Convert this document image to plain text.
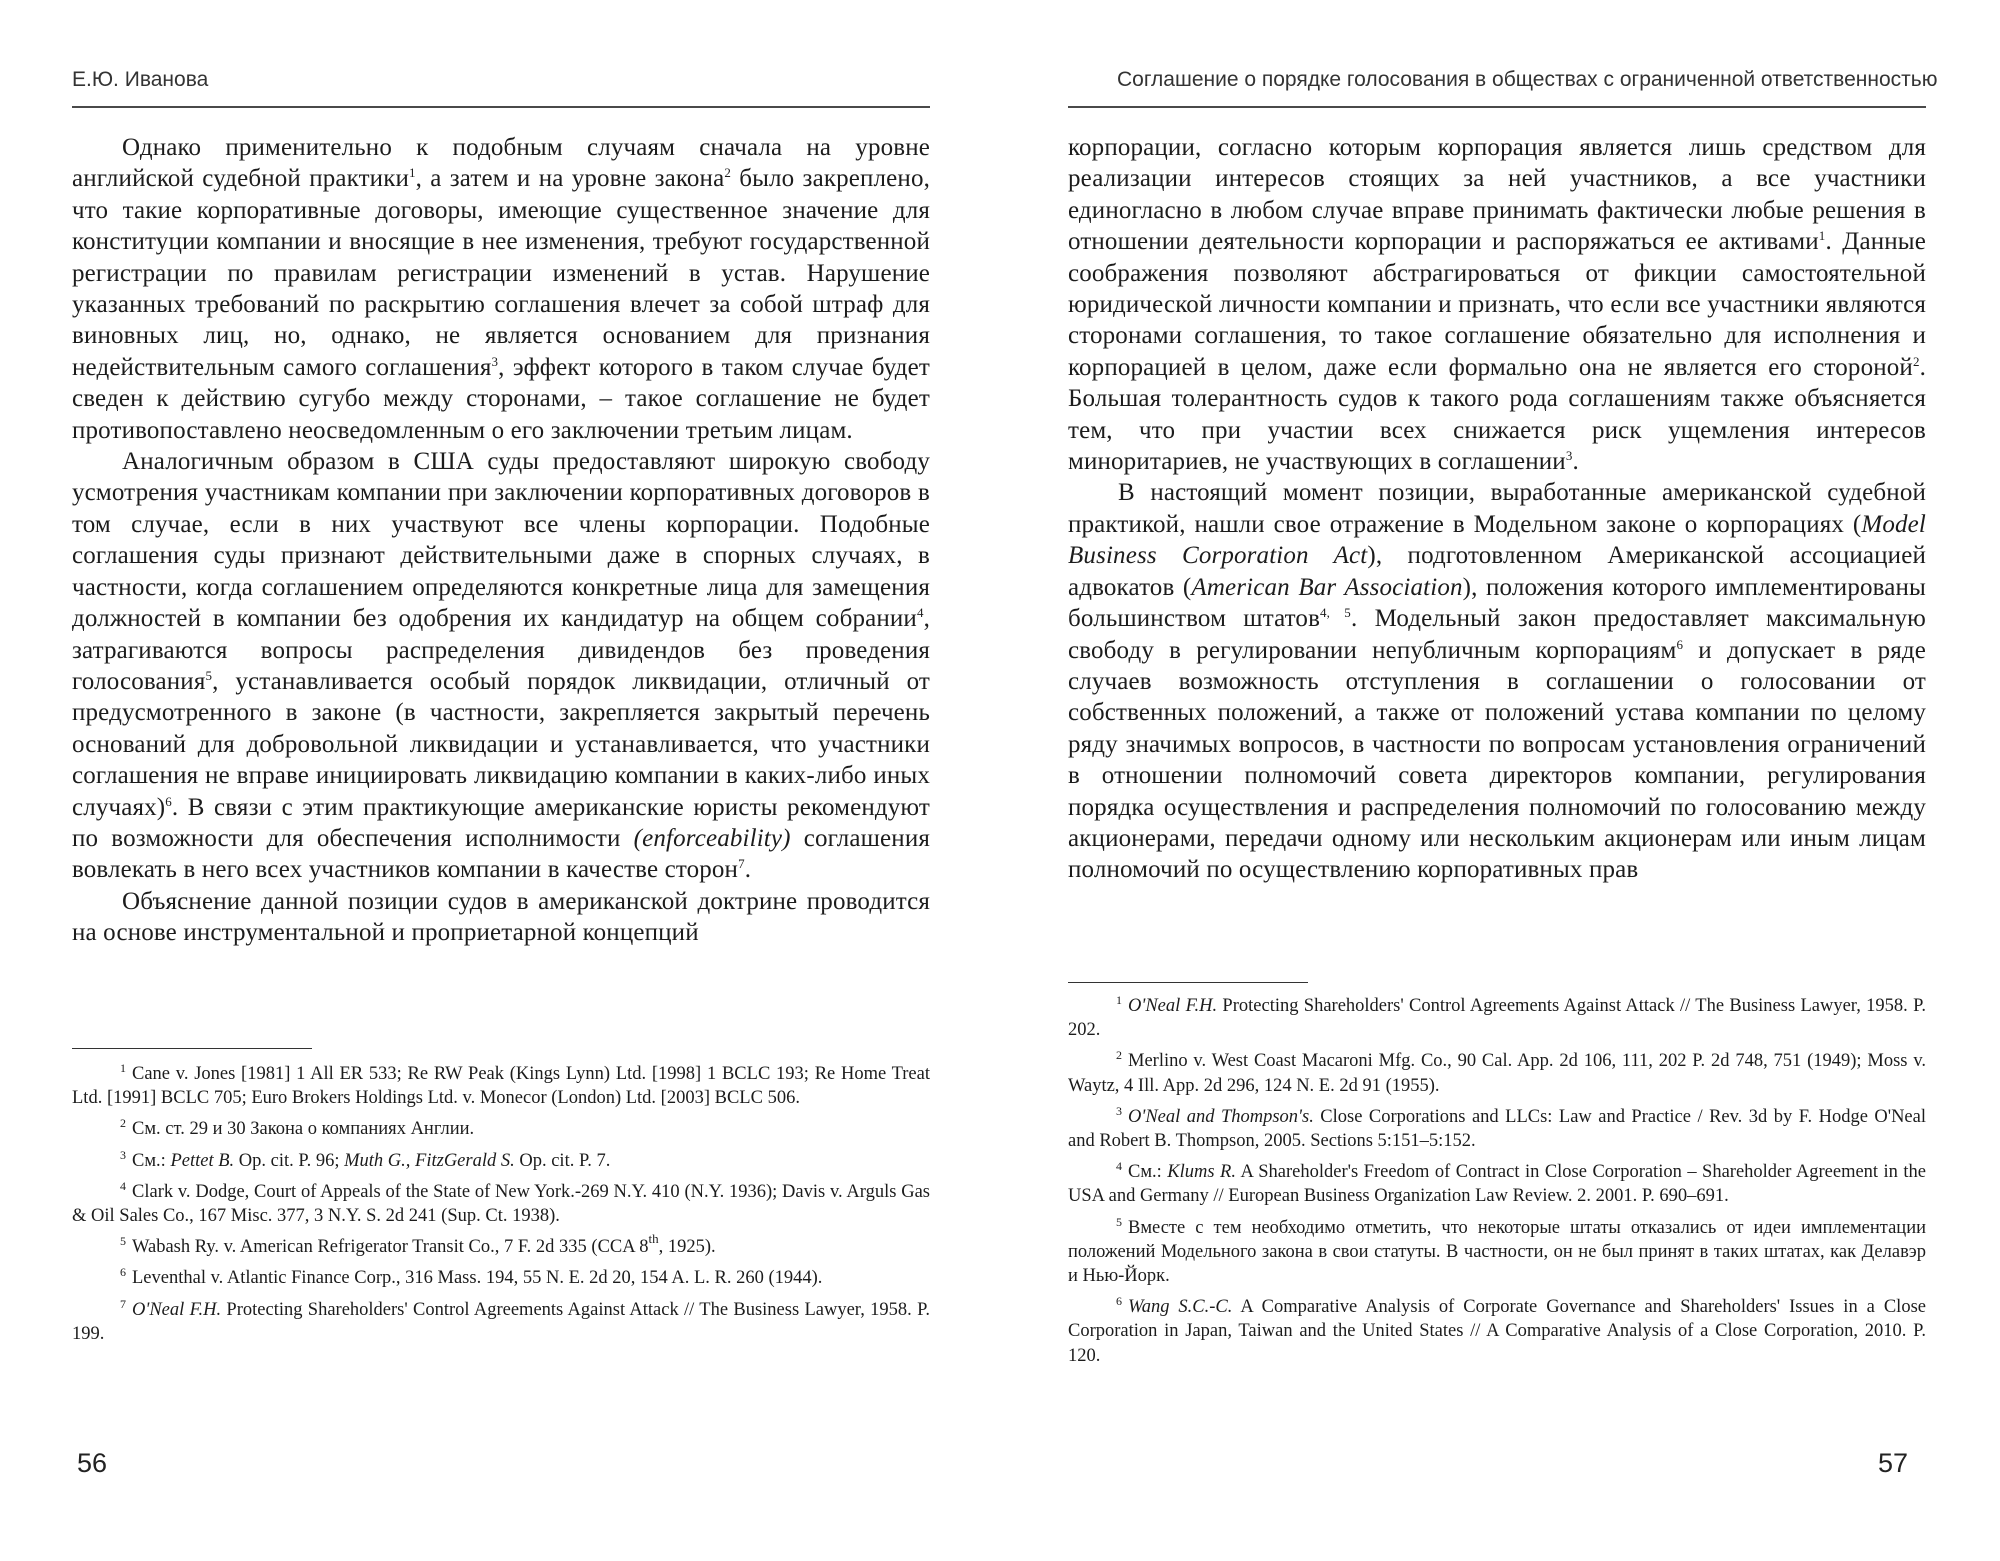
Е.Ю. Иванова

Однако применительно к подобным случаям сначала на уровне английской судебной практики$^1$, а затем и на уровне закона$^2$ было закреплено, что такие корпоративные договоры, имеющие существенное значение для конституции компании и вносящие в нее изменения, требуют государственной регистрации по правилам регистрации изменений в устав. Нарушение указанных требований по раскрытию соглашения влечет за собой штраф для виновных лиц, но, однако, не является основанием для признания недействительным самого соглашения$^3$, эффект которого в таком случае будет сведен к действию сугубо между сторонами, – такое соглашение не будет противопоставлено неосведомленным о его заключении третьим лицам.

Аналогичным образом в США суды предоставляют широкую свободу усмотрения участникам компании при заключении корпоративных договоров в том случае, если в них участвуют все члены корпорации. Подобные соглашения суды признают действительными даже в спорных случаях, в частности, когда соглашением определяются конкретные лица для замещения должностей в компании без одобрения их кандидатур на общем собрании$^4$, затрагиваются вопросы распределения дивидендов без проведения голосования$^5$, устанавливается особый порядок ликвидации, отличный от предусмотренного в законе (в частности, закрепляется закрытый перечень оснований для добровольной ликвидации и устанавливается, что участники соглашения не вправе инициировать ликвидацию компании в каких-либо иных случаях)$^6$. В связи с этим практикующие американские юристы рекомендуют по возможности для обеспечения исполнимости (enforceability) соглашения вовлекать в него всех участников компании в качестве сторон$^7$.

Объяснение данной позиции судов в американской доктрине проводится на основе инструментальной и проприетарной концепций

$^1$ Cane v. Jones [1981] 1 All ER 533; Re RW Peak (Kings Lynn) Ltd. [1998] 1 BCLC 193; Re Home Treat Ltd. [1991] BCLC 705; Euro Brokers Holdings Ltd. v. Monecor (London) Ltd. [2003] BCLC 506.

$^2$ См. ст. 29 и 30 Закона о компаниях Англии.

$^3$ См.: Pettet B. Op. cit. P. 96; Muth G., FitzGerald S. Op. cit. P. 7.

$^4$ Clark v. Dodge, Court of Appeals of the State of New York.-269 N.Y. 410 (N.Y. 1936); Davis v. Arguls Gas & Oil Sales Co., 167 Misc. 377, 3 N.Y. S. 2d 241 (Sup. Ct. 1938).

$^5$ Wabash Ry. v. American Refrigerator Transit Co., 7 F. 2d 335 (CCA 8th, 1925).

$^6$ Leventhal v. Atlantic Finance Corp., 316 Mass. 194, 55 N. E. 2d 20, 154 A. L. R. 260 (1944).

$^7$ O'Neal F.H. Protecting Shareholders' Control Agreements Against Attack // The Business Lawyer, 1958. P. 199.

56
Соглашение о порядке голосования в обществах с ограниченной ответственностью

корпорации, согласно которым корпорация является лишь средством для реализации интересов стоящих за ней участников, а все участники единогласно в любом случае вправе принимать фактически любые решения в отношении деятельности корпорации и распоряжаться ее активами$^1$. Данные соображения позволяют абстрагироваться от фикции самостоятельной юридической личности компании и признать, что если все участники являются сторонами соглашения, то такое соглашение обязательно для исполнения и корпорацией в целом, даже если формально она не является его стороной$^2$. Большая толерантность судов к такого рода соглашениям также объясняется тем, что при участии всех снижается риск ущемления интересов миноритариев, не участвующих в соглашении$^3$.

В настоящий момент позиции, выработанные американской судебной практикой, нашли свое отражение в Модельном законе о корпорациях (Model Business Corporation Act), подготовленном Американской ассоциацией адвокатов (American Bar Association), положения которого имплементированы большинством штатов$^{4, 5}$. Модельный закон предоставляет максимальную свободу в регулировании непубличным корпорациям$^6$ и допускает в ряде случаев возможность отступления в соглашении о голосовании от собственных положений, а также от положений устава компании по целому ряду значимых вопросов, в частности по вопросам установления ограничений в отношении полномочий совета директоров компании, регулирования порядка осуществления и распределения полномочий по голосованию между акционерами, передачи одному или нескольким акционерам или иным лицам полномочий по осуществлению корпоративных прав

$^1$ O'Neal F.H. Protecting Shareholders' Control Agreements Against Attack // The Business Lawyer, 1958. P. 202.

$^2$ Merlino v. West Coast Macaroni Mfg. Co., 90 Cal. App. 2d 106, 111, 202 P. 2d 748, 751 (1949); Moss v. Waytz, 4 Ill. App. 2d 296, 124 N. E. 2d 91 (1955).

$^3$ O'Neal and Thompson's. Close Corporations and LLCs: Law and Practice / Rev. 3d by F. Hodge O'Neal and Robert B. Thompson, 2005. Sections 5:151–5:152.

$^4$ См.: Klums R. A Shareholder's Freedom of Contract in Close Corporation – Shareholder Agreement in the USA and Germany // European Business Organization Law Review. 2. 2001. P. 690–691.

$^5$ Вместе с тем необходимо отметить, что некоторые штаты отказались от идеи имплементации положений Модельного закона в свои статуты. В частности, он не был принят в таких штатах, как Делавэр и Нью-Йорк.

$^6$ Wang S.C.-C. A Comparative Analysis of Corporate Governance and Shareholders' Issues in a Close Corporation in Japan, Taiwan and the United States // A Comparative Analysis of a Close Corporation, 2010. P. 120.

57
